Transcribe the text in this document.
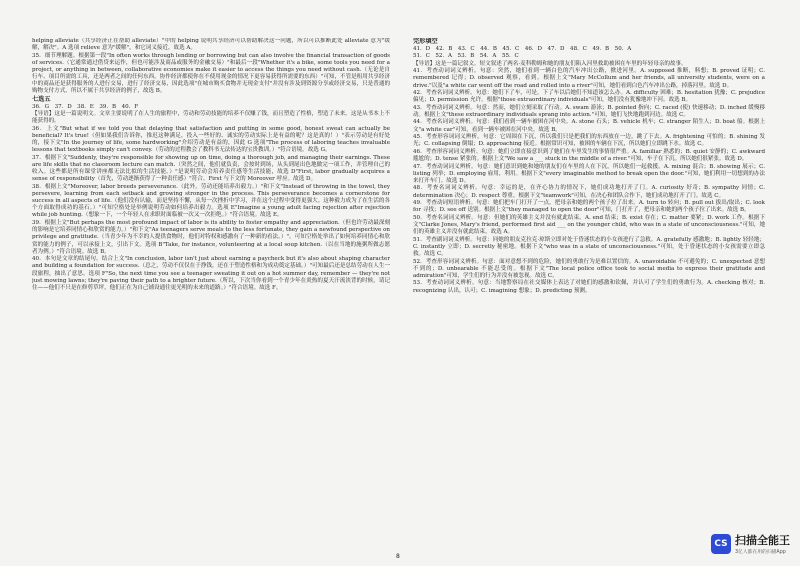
helping alleviate（共享经济正在帮助 alleviate）"中的 helping 说明共享经济可以帮助解决这一问题，所以可以推断此处 alleviate 意为"缓解，解决"。A 选项 relieve 意为"缓解"，和它词义接近，故选 A。

35．细节理解题。根据第一段"In often works through lending or borrowing but can also involve the financial transaction of goods of services.（它通常通过借贷来运作，但也可能涉及商品或服务的金融交易）"和最后一段"Whether it's a bike, some tools you need for a project, or anything in between, collaborative economies make it easier to access the things you need without cash.（无论是自行车、项目所需的工具，还是两者之间的任何东西，协作经济都使你在不使用现金的情况下更容易获得所需要的东西）"可知，不管是租用共享经济中的商品还是获得服务的人进行交易，进行了经济交易，因此选项"在城市购买食物并无现金支付"并没有涉及到资源分享或经济交易，只是普通的购物支付方式，所以不属于共享经济的例子，故选 B。

七选五

36．G　37．D　38．E　39．B　40．F

【导语】这是一篇说明文。文章主要说明了在人生的旅程中，劳动和劳动技能的培养不仅赚了钱，而且塑造了性格，塑造了未来。这是从书本上不能获得的。

36．上文"But what if we told you that delaying that satisfaction and putting in some good, honest sweat can actually be beneficial? It's true!（但如果我们告诉你，推迟这种满足，投入一些好的、诚实的劳动实际上是有益的呢？这是真的！）"表示劳动是有好处的，接下文"In the journey of life, some hardworking"介绍劳动是有益的，因此 G 选项"The process of laboring teaches invaluable lessons that textbooks simply can't convey.（劳动的过程教会了教科书无法传达的宝贵教训。）"符合语境。故选 G。

37．根据下文"Suddenly, they're responsible for showing up on time, doing a thorough job, and managing their earnings. These are life skills that no classroom lecture can match.（突然之间，他们就负责，会按时到场，从头到尾出色地做完一项工作，并管理自己的收入。这些都是所有课堂讲座都无法比拟的生活技能。）"是说明劳动会培养责任感等生活技能，故选 D"First, labor gradually acquires a sense of responsibility（首先，劳动逐渐获得了一种责任感）"符合。First 与下文的 Moreover 呼应。故选 D。

38．根据上文"Moreover, labor breeds perseverance.（此外，劳动还能培养出毅力。）"和下文"Instead of throwing in the towel, they persevere, learning from each setback and growing stronger in the process. This perseverance becomes a cornerstone for success in all aspects of life.（他们没有认输，而是坚持不懈，从每一次挫折中学习，并在这个过程中变得更强大。这种毅力成为了在生活的各个方面取得成功的基石。）"可知空格处是举例说明劳动如何培养出毅力。选项 E"Imagine a young adult facing rejection after rejection while job hunting.（想象一下，一个年轻人在求职时面临被一次又一次拒绝。）"符合语境。故选 E。

39．根据上文"But perhaps the most profound impact of labor is its ability to foster empathy and appreciation.（但也许劳动最深刻的影响是它培养同情心和欣赏的能力。）"和下文"As teenagers serve meals to the less fortunate, they gain a newfound perspective on privilege and gratitude.（当青少年为不幸的人提供食物时，他们对特权和感激有了一种新的看法。）"。可知空格处举出了如何培养同情心和欣赏的能力的例子，可以承接上文，引出下文。选项 B"Take, for instance, volunteering at a local soup kitchen.（以在当地的施粥所做志愿者为例。）"符合语境。故选 B。

40．本句是文章的结尾句。结合上文"In conclusion, labor isn't just about earning a paycheck but it's also about shaping character and building a foundation for success.（总之，劳动不仅仅在于挣钱，还在于塑造性格和为成功奠定基础。）"可知最后还是总结劳动在人生一段旅程，抽出了意思。选项 F"So, the next time you see a teenager sweating it out on a hot summer day, remember — they're not just mowing lawns; they're paving their path to a brighter future.（所以，下次当你看到一个青少年在炎热的夏天汗流浃背的时候，请记住——他们不只是在修剪草坪，他们正在为自己铺设通往更光明的未来的道路。）"符合语境。故选 F。

完形填空

41．D　42．B　43．C　44．B　45．C　46．D　47．D　48．C　49．B　50．A

51．C　52．A　53．B　54．A　55．C

【导语】这是一篇记叙文。短文叙述了两名·麦科勒姆和她的朋友们陷入河里救助被困在车里的年轻母亲的故事。

41．考查动词词义辨析。句意：突然，她们看到一辆白色的汽车冲出公路，掀进河里。A. supposed 推断，料想；B. proved 证明；C. remembered 记得；D. observed 观察，看到。根据上文"Mary McCollum and her friends, all university students, were on a drive."以及"a white car went off the road and rolled into a river"可知，她们看到白色汽车冲出公路，掉落河里。故选 D。

42．考查名词词义辨析。句意：她们下了车，可是，下了车以后她们不知道该怎么办。A. difficulty 困难；B. hesitation 犹豫；C. prejudice 偏见；D. permission 允许。根据"those extraordinary individuals"可知，她们没有犹豫地冲下河。故选 B。

43．考查动词词义辨析。句意：然而，她们立刻采取了行动。A. swam 游泳；B. pointed 指向；C. raced (使) 快速移动；D. inched 缓慢移动。根据上文"these extraordinary individuals sprang into action."可知，她们飞快地跑到河边。故选 C。

44．考查名词词义辨析。句意：我们看到一辆车被困在河中央。A. stone 石头；B. vehicle 机车；C. stranger 陌生人；D. boat 船。根据上文"a white car"可知，看到一辆车被困在河中央。故选 B。

45．考查形容词词义辨析。句意：它周围在下沉，所以我们只是把我们的东西放在一边，跳了下去。A. frightening 可怕的；B. shining 发光；C. collapsing 倒塌；D. approaching 接近。根据常识可知，被困的车辆在下沉，所以她们立即跳下水。故选 C。

46．考查形容词词义辨析。句意：她们立即直接意识到了她们在车里发生的事情很严重。A. familiar 熟悉的；B. quiet 安静的；C. awkward 尴尬的；D. tense 紧张的。根据上文"We saw a ___ stuck in the middle of a river."可知，车子在下沉。所以她们很紧张。故选 D。

47．考查动词词义辨析。句意：她们意识到她和她的朋友们在车里的人在下沉，所以她们一起救援。A. mixing 混合；B. showing 展示；C. listing 列举；D. employing 雇用，利用。根据下文"every imaginable method to break open the door."可知，她们利用一切想到的办法来打开车门。故选 D。

48．考查名词词义辨析。句意：幸运的是，在齐心协力的情况下，她们成功地打开了门。A. curiosity 好奇；B. sympathy 同情；C. determination 决心；D. respect 尊重。根据下文"teamwork"可知，在决心和团队合作下，她们成功地打开了门。故选 C。

49．考查动词短语辨析。句意：她们把车门打开了一点，把母亲和她的两个孩子拉了出来。A. turn to 转向；B. pull out 拔出/取出；C. look for 寻找；D. see off 送别。根据上文"they managed to open the door"可知，门打开了，把母亲和她的两个孩子拉了出来。故选 B。

50．考查名词词义辨析。句意：但她们的英雄主义并没有就此结束。A. end 结束；B. exist 存在；C. matter 要紧；D. work 工作。根据下文"Clarke Jones, Mary's friend, performed first aid ___ on the younger child, who was in a state of unconsciousness."可知，她们的英雄主义并没有就此结束。故选 A。

51．考查副词词义辨析。句意：同她的朋友克拉克·琼斯立即对处于昏迷状态的小女孩进行了急救。A. gratefully 感激地；B. lightly 轻轻地；C. instantly 立即；D. secretly 秘密地。根据下文"who was in a state of unconsciousness."可知，处于昏迷状态的小女孩需要立即急救。故选 C。

52．考查形容词词义辨析。句意：面对意想不到的危险，她们的勇敢行为是难以置信的。A. unavoidable 不可避免的；C. unexpected 意想不到的；D. unbearable 不能忍受的。根据下文"The local police office took to social media to express their gratitude and admiration"可知，学生们的行为并没有被忽视。故选 C。

53．考查动词词义辨析。句意：当地警察局在社交媒体上表达了对她们的感激和钦佩，并认可了学生们的勇敢行为。A. checking 核对；B. recognizing 认出，认可；C. imagining 想象；D. predicting 预测。

8
CS 扫描全能王
3亿人都在用的扫描App
